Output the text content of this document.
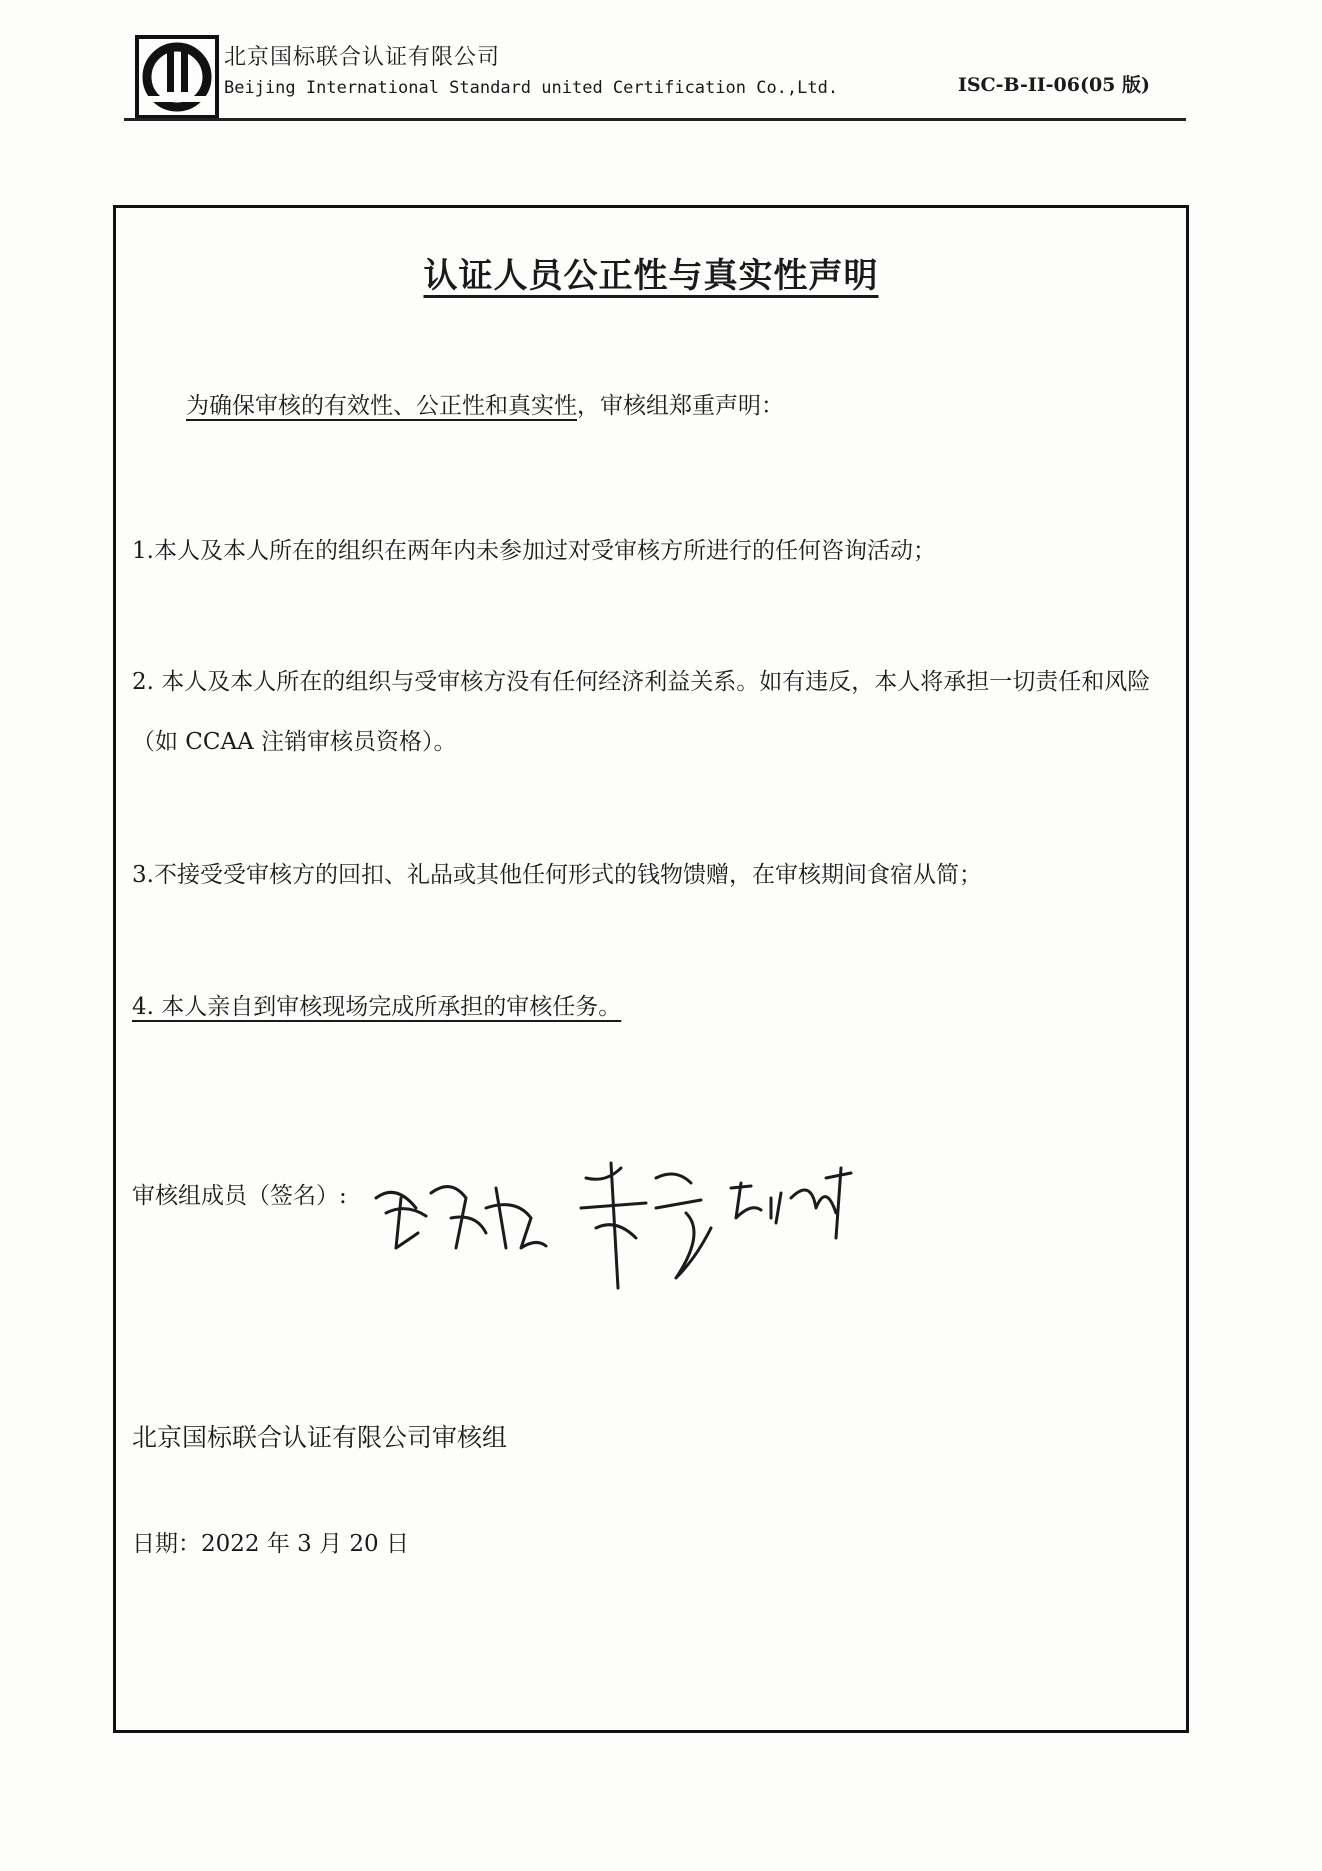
北京国标联合认证有限公司
Beijing International Standard united Certification Co.,Ltd.	ISC-B-II-06(05 版)
认证人员公正性与真实性声明
为确保审核的有效性、公正性和真实性，审核组郑重声明：
1.本人及本人所在的组织在两年内未参加过对受审核方所进行的任何咨询活动；
2. 本人及本人所在的组织与受审核方没有任何经济利益关系。如有违反，本人将承担一切责任和风险（如 CCAA 注销审核员资格）。
3.不接受受审核方的回扣、礼品或其他任何形式的钱物馈赠，在审核期间食宿从简；
4. 本人亲自到审核现场完成所承担的审核任务。
审核组成员（签名）:
北京国标联合认证有限公司审核组
日期：2022 年 3 月 20 日
